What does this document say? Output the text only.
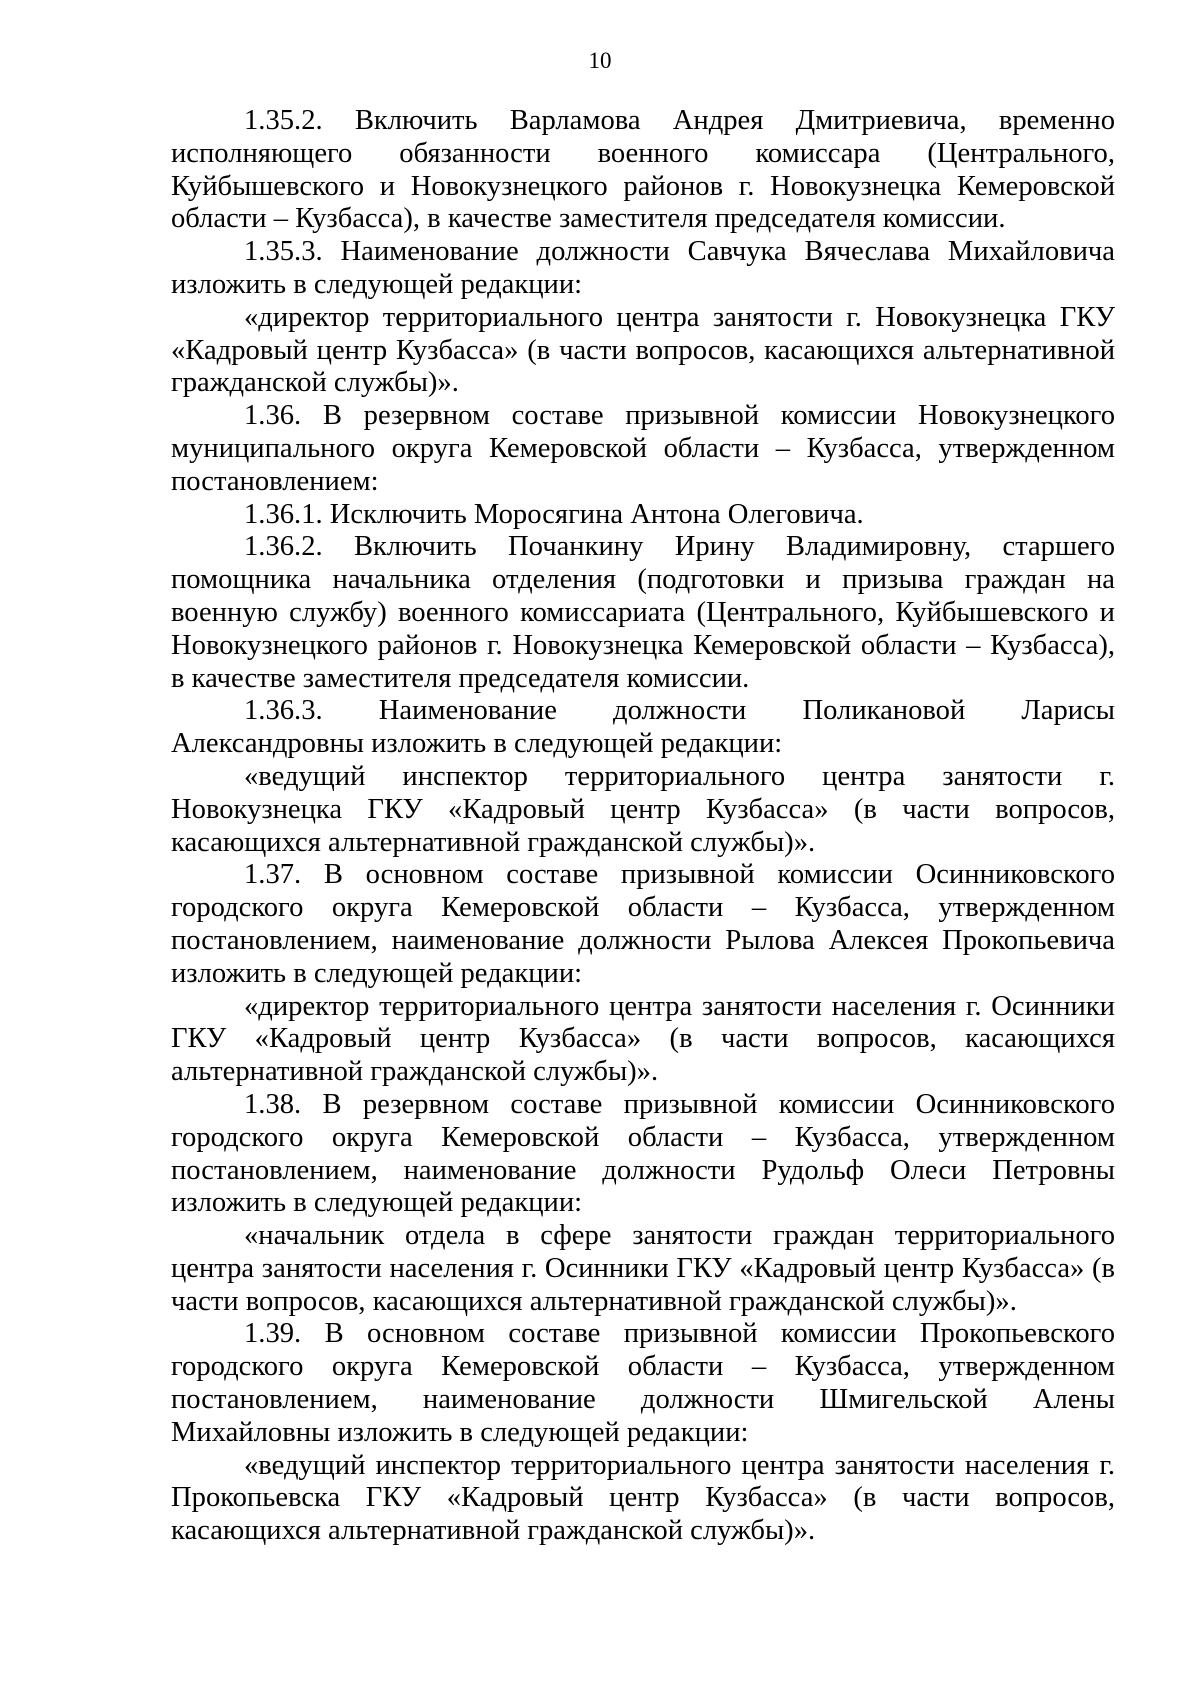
10

1.35.2. Включить Варламова Андрея Дмитриевича, временно исполняющего обязанности военного комиссара (Центрального, Куйбышевского и Новокузнецкого районов г. Новокузнецка Кемеровской области – Кузбасса), в качестве заместителя председателя комиссии.

1.35.3. Наименование должности Савчука Вячеслава Михайловича изложить в следующей редакции:

«директор территориального центра занятости г. Новокузнецка ГКУ «Кадровый центр Кузбасса» (в части вопросов, касающихся альтернативной гражданской службы)».

1.36. В резервном составе призывной комиссии Новокузнецкого муниципального округа Кемеровской области – Кузбасса, утвержденном постановлением:

1.36.1. Исключить Моросягина Антона Олеговича.

1.36.2. Включить Почанкину Ирину Владимировну, старшего помощника начальника отделения (подготовки и призыва граждан на военную службу) военного комиссариата (Центрального, Куйбышевского и Новокузнецкого районов г. Новокузнецка Кемеровской области – Кузбасса), в качестве заместителя председателя комиссии.

1.36.3. Наименование должности Поликановой Ларисы Александровны изложить в следующей редакции:

«ведущий инспектор территориального центра занятости г. Новокузнецка ГКУ «Кадровый центр Кузбасса» (в части вопросов, касающихся альтернативной гражданской службы)».

1.37. В основном составе призывной комиссии Осинниковского городского округа Кемеровской области – Кузбасса, утвержденном постановлением, наименование должности Рылова Алексея Прокопьевича изложить в следующей редакции:

«директор территориального центра занятости населения г. Осинники ГКУ «Кадровый центр Кузбасса» (в части вопросов, касающихся альтернативной гражданской службы)».

1.38. В резервном составе призывной комиссии Осинниковского городского округа Кемеровской области – Кузбасса, утвержденном постановлением, наименование должности Рудольф Олеси Петровны изложить в следующей редакции:

«начальник отдела в сфере занятости граждан территориального центра занятости населения г. Осинники ГКУ «Кадровый центр Кузбасса» (в части вопросов, касающихся альтернативной гражданской службы)».

1.39. В основном составе призывной комиссии Прокопьевского городского округа Кемеровской области – Кузбасса, утвержденном постановлением, наименование должности Шмигельской Алены Михайловны изложить в следующей редакции:

«ведущий инспектор территориального центра занятости населения г. Прокопьевска ГКУ «Кадровый центр Кузбасса» (в части вопросов, касающихся альтернативной гражданской службы)».
